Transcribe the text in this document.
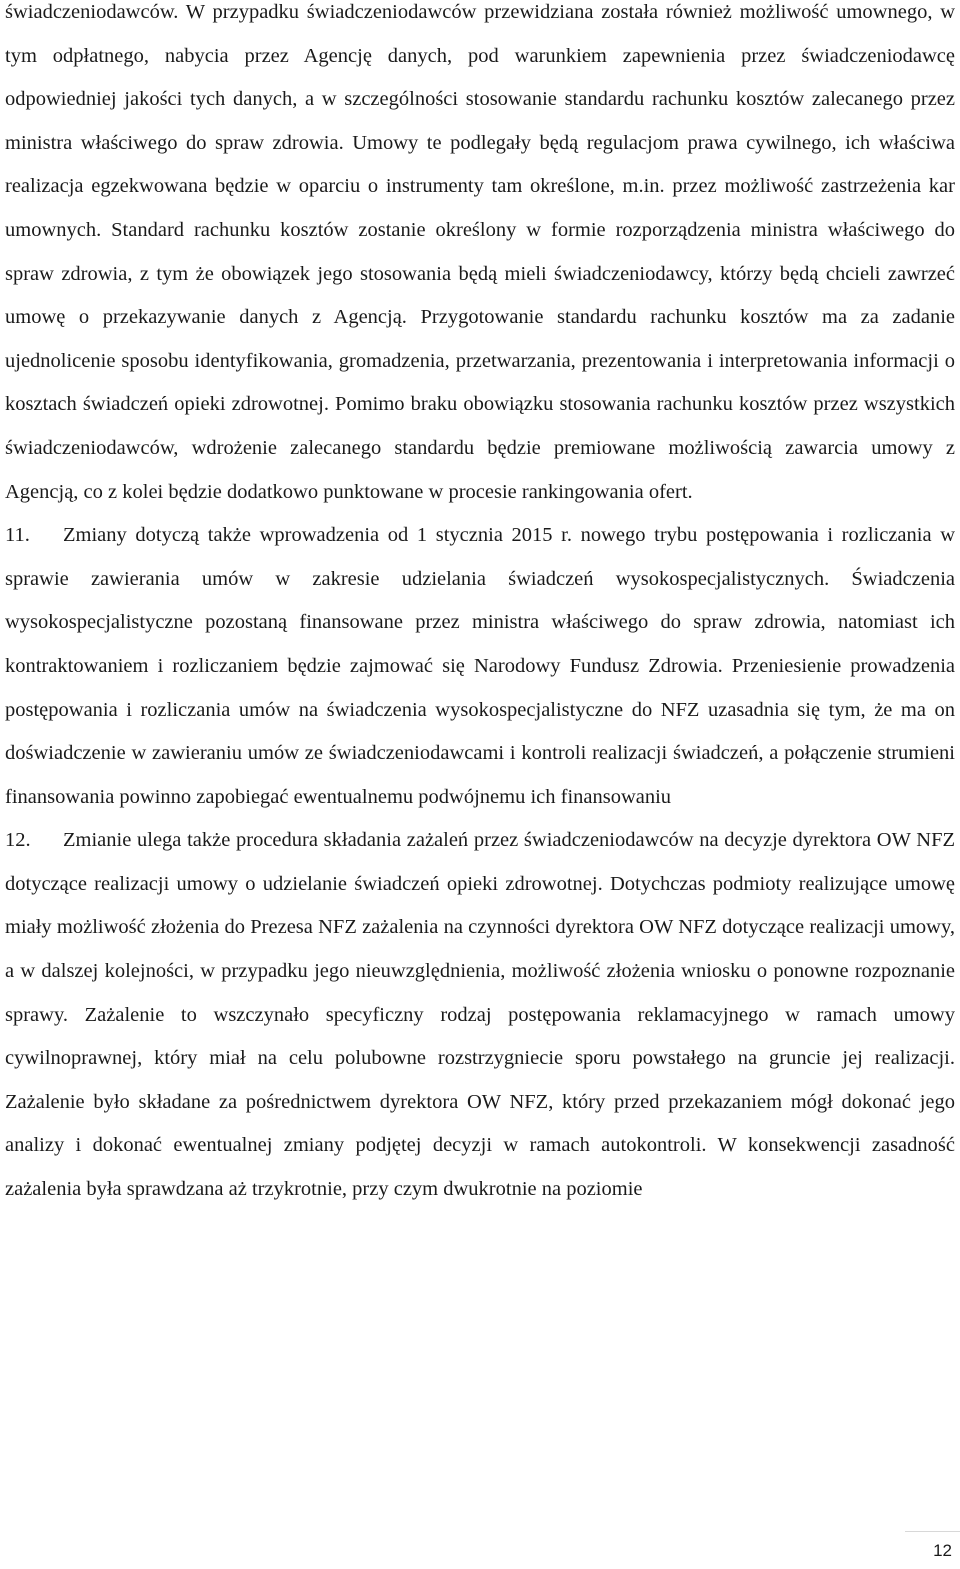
świadczeniodawców. W przypadku świadczeniodawców przewidziana została również możliwość umownego, w tym odpłatnego, nabycia przez Agencję danych, pod warunkiem zapewnienia przez świadczeniodawcę odpowiedniej jakości tych danych, a w szczególności stosowanie standardu rachunku kosztów zalecanego przez ministra właściwego do spraw zdrowia. Umowy te podlegały będą regulacjom prawa cywilnego, ich właściwa realizacja egzekwowana będzie w oparciu o instrumenty tam określone, m.in. przez możliwość zastrzeżenia kar umownych. Standard rachunku kosztów zostanie określony w formie rozporządzenia ministra właściwego do spraw zdrowia, z tym że obowiązek jego stosowania będą mieli świadczeniodawcy, którzy będą chcieli zawrzeć umowę o przekazywanie danych z Agencją. Przygotowanie standardu rachunku kosztów ma za zadanie ujednolicenie sposobu identyfikowania, gromadzenia, przetwarzania, prezentowania i interpretowania informacji o kosztach świadczeń opieki zdrowotnej. Pomimo braku obowiązku stosowania rachunku kosztów przez wszystkich świadczeniodawców, wdrożenie zalecanego standardu będzie premiowane możliwością zawarcia umowy z Agencją, co z kolei będzie dodatkowo punktowane w procesie rankingowania ofert.

11. Zmiany dotyczą także wprowadzenia od 1 stycznia 2015 r. nowego trybu postępowania i rozliczania w sprawie zawierania umów w zakresie udzielania świadczeń wysokospecjalistycznych. Świadczenia wysokospecjalistyczne pozostaną finansowane przez ministra właściwego do spraw zdrowia, natomiast ich kontraktowaniem i rozliczaniem będzie zajmować się Narodowy Fundusz Zdrowia. Przeniesienie prowadzenia postępowania i rozliczania umów na świadczenia wysokospecjalistyczne do NFZ uzasadnia się tym, że ma on doświadczenie w zawieraniu umów ze świadczeniodawcami i kontroli realizacji świadczeń, a połączenie strumieni finansowania powinno zapobiegać ewentualnemu podwójnemu ich finansowaniu

12. Zmianie ulega także procedura składania zażaleń przez świadczeniodawców na decyzje dyrektora OW NFZ dotyczące realizacji umowy o udzielanie świadczeń opieki zdrowotnej. Dotychczas podmioty realizujące umowę miały możliwość złożenia do Prezesa NFZ zażalenia na czynności dyrektora OW NFZ dotyczące realizacji umowy, a w dalszej kolejności, w przypadku jego nieuwzględnienia, możliwość złożenia wniosku o ponowne rozpoznanie sprawy. Zażalenie to wszczynało specyficzny rodzaj postępowania reklamacyjnego w ramach umowy cywilnoprawnej, który miał na celu polubowne rozstrzygniecie sporu powstałego na gruncie jej realizacji. Zażalenie było składane za pośrednictwem dyrektora OW NFZ, który przed przekazaniem mógł dokonać jego analizy i dokonać ewentualnej zmiany podjętej decyzji w ramach autokontroli. W konsekwencji zasadność zażalenia była sprawdzana aż trzykrotnie, przy czym dwukrotnie na poziomie

12
